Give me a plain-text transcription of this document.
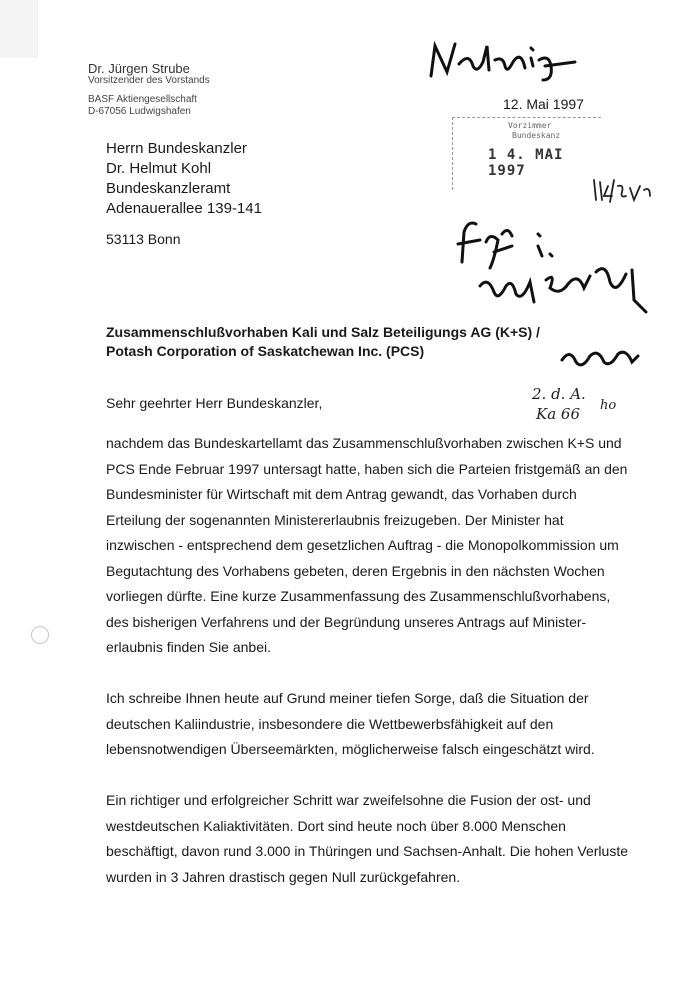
Dr. Jürgen Strube
Vorsitzender des Vorstands
BASF Aktiengesellschaft
D-67056 Ludwigshafen	12. Mai 1997
Vorzimmer
Bundeskanz
1 4. MAI 1997
Herrn Bundeskanzler
Dr. Helmut Kohl
Bundeskanzleramt
Adenauerallee 139-141
53113 Bonn
Zusammenschlußvorhaben Kali und Salz Beteiligungs AG (K+S) /
Potash Corporation of Saskatchewan Inc. (PCS)
Sehr geehrter Herr Bundeskanzler,	2. d. A.
Ka 66	ho
nachdem das Bundeskartellamt das Zusammenschlußvorhaben zwischen K+S und
PCS Ende Februar 1997 untersagt hatte, haben sich die Parteien fristgemäß an den
Bundesminister für Wirtschaft mit dem Antrag gewandt, das Vorhaben durch
Erteilung der sogenannten Ministererlaubnis freizugeben. Der Minister hat
inzwischen - entsprechend dem gesetzlichen Auftrag - die Monopolkommission um
Begutachtung des Vorhabens gebeten, deren Ergebnis in den nächsten Wochen
vorliegen dürfte. Eine kurze Zusammenfassung des Zusammenschlußvorhabens,
des bisherigen Verfahrens und der Begründung unseres Antrags auf Minister-
erlaubnis finden Sie anbei.
Ich schreibe Ihnen heute auf Grund meiner tiefen Sorge, daß die Situation der
deutschen Kaliindustrie, insbesondere die Wettbewerbsfähigkeit auf den
lebensnotwendigen Überseemärkten, möglicherweise falsch eingeschätzt wird.
Ein richtiger und erfolgreicher Schritt war zweifelsohne die Fusion der ost- und
westdeutschen Kaliaktivitäten. Dort sind heute noch über 8.000 Menschen
beschäftigt, davon rund 3.000 in Thüringen und Sachsen-Anhalt. Die hohen Verluste
wurden in 3 Jahren drastisch gegen Null zurückgefahren.
